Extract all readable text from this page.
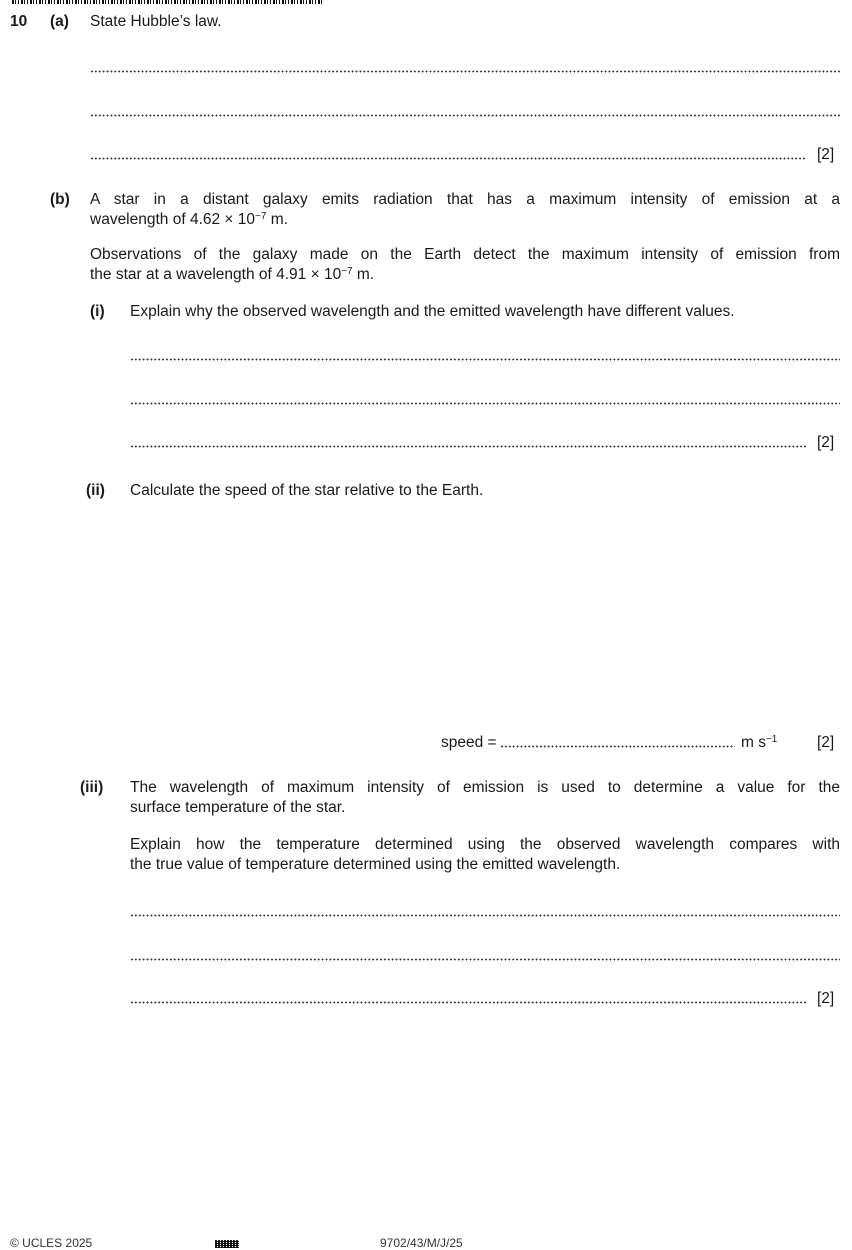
10 (a) State Hubble’s law.
[2]
(b) A star in a distant galaxy emits radiation that has a maximum intensity of emission at a
wavelength of $4.62 \times 10^{-7}$ m.
Observations of the galaxy made on the Earth detect the maximum intensity of emission from
the star at a wavelength of $4.91 \times 10^{-7}$ m.
(i) Explain why the observed wavelength and the emitted wavelength have different values.
[2]
(ii) Calculate the speed of the star relative to the Earth.
speed =	m $s^{-1}$	[2]
(iii) The wavelength of maximum intensity of emission is used to determine a value for the
surface temperature of the star.
Explain how the temperature determined using the observed wavelength compares with
the true value of temperature determined using the emitted wavelength.
[2]
© UCLES 2025	9702/43/M/J/25
